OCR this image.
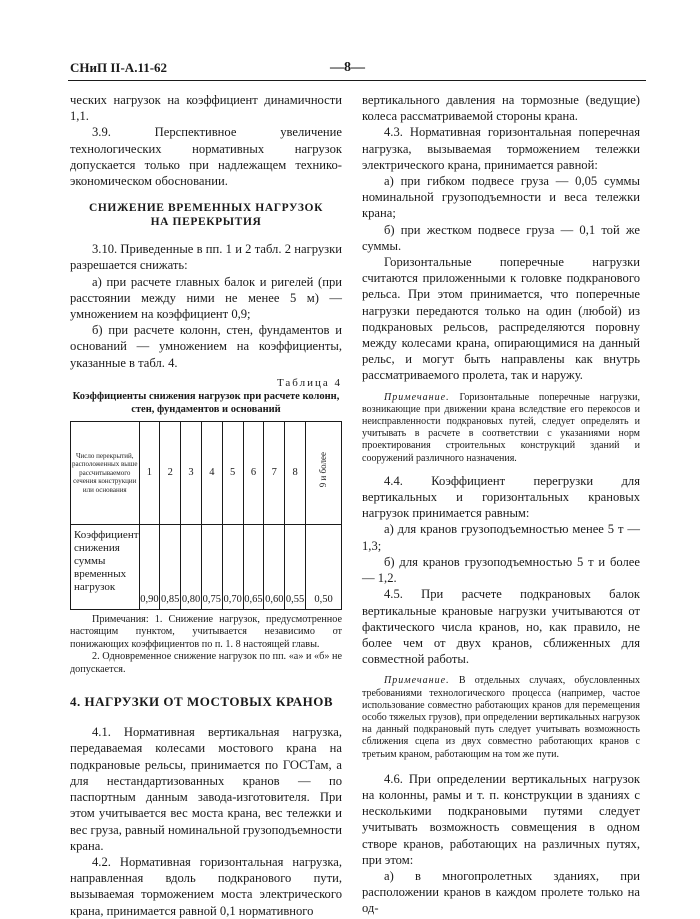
СНиП II-А.11-62	—8—

ческих нагрузок на коэффициент динамичности 1,1.

3.9. Перспективное увеличение технологических нормативных нагрузок допускается только при надлежащем технико-экономическом обосновании.

СНИЖЕНИЕ ВРЕМЕННЫХ НАГРУЗОК
НА ПЕРЕКРЫТИЯ

3.10. Приведенные в пп. 1 и 2 табл. 2 нагрузки разрешается снижать:

а) при расчете главных балок и ригелей (при расстоянии между ними не менее 5 м) — умножением на коэффициент 0,9;

б) при расчете колонн, стен, фундаментов и оснований — умножением на коэффициенты, указанные в табл. 4.

Таблица 4

Коэффициенты снижения нагрузок при расчете колонн, стен, фундаментов и оснований

Число перекрытий, расположенных выше рассчитываемого сечения конструкции или основания	1	2	3	4	5	6	7	8	9 и более
Коэффициент снижения суммы временных нагрузок	0,90	0,85	0,80	0,75	0,70	0,65	0,60	0,55	0,50

Примечания: 1. Снижение нагрузок, предусмотренное настоящим пунктом, учитывается независимо от понижающих коэффициентов по п. 1. 8 настоящей главы.

2. Одновременное снижение нагрузок по пп. «а» и «б» не допускается.

4. НАГРУЗКИ ОТ МОСТОВЫХ КРАНОВ

4.1. Нормативная вертикальная нагрузка, передаваемая колесами мостового крана на подкрановые рельсы, принимается по ГОСТам, а для нестандартизованных кранов — по паспортным данным завода-изготовителя. При этом учитывается вес моста крана, вес тележки и вес груза, равный номинальной грузоподъемности крана.

4.2. Нормативная горизонтальная нагрузка, направленная вдоль подкранового пути, вызываемая торможением моста электрического крана, принимается равной 0,1 нормативного

вертикального давления на тормозные (ведущие) колеса рассматриваемой стороны крана.

4.3. Нормативная горизонтальная поперечная нагрузка, вызываемая торможением тележки электрического крана, принимается равной:

а) при гибком подвесе груза — 0,05 суммы номинальной грузоподъемности и веса тележки крана;

б) при жестком подвесе груза — 0,1 той же суммы.

Горизонтальные поперечные нагрузки считаются приложенными к головке подкранового рельса. При этом принимается, что поперечные нагрузки передаются только на один (любой) из подкрановых рельсов, распределяются поровну между колесами крана, опирающимися на данный рельс, и могут быть направлены как внутрь рассматриваемого пролета, так и наружу.

Примечание. Горизонтальные поперечные нагрузки, возникающие при движении крана вследствие его перекосов и неисправленности подкрановых путей, следует определять и учитывать в расчете в соответствии с указаниями норм проектирования строительных конструкций зданий и сооружений различного назначения.

4.4. Коэффициент перегрузки для вертикальных и горизонтальных крановых нагрузок принимается равным:

а) для кранов грузоподъемностью менее 5 т — 1,3;

б) для кранов грузоподъемностью 5 т и более — 1,2.

4.5. При расчете подкрановых балок вертикальные крановые нагрузки учитываются от фактического числа кранов, но, как правило, не более чем от двух кранов, сближенных для совместной работы.

Примечание. В отдельных случаях, обусловленных требованиями технологического процесса (например, частое использование совместно работающих кранов для перемещения особо тяжелых грузов), при определении вертикальных нагрузок на данный подкрановый путь следует учитывать возможность сближения сцепа из двух совместно работающих кранов с третьим краном, работающим на том же пути.

4.6. При определении вертикальных нагрузок на колонны, рамы и т. п. конструкции в зданиях с несколькими подкрановыми путями следует учитывать возможность совмещения в одном створе кранов, работающих на различных путях, при этом:

а) в многопролетных зданиях, при расположении кранов в каждом пролете только на од-
